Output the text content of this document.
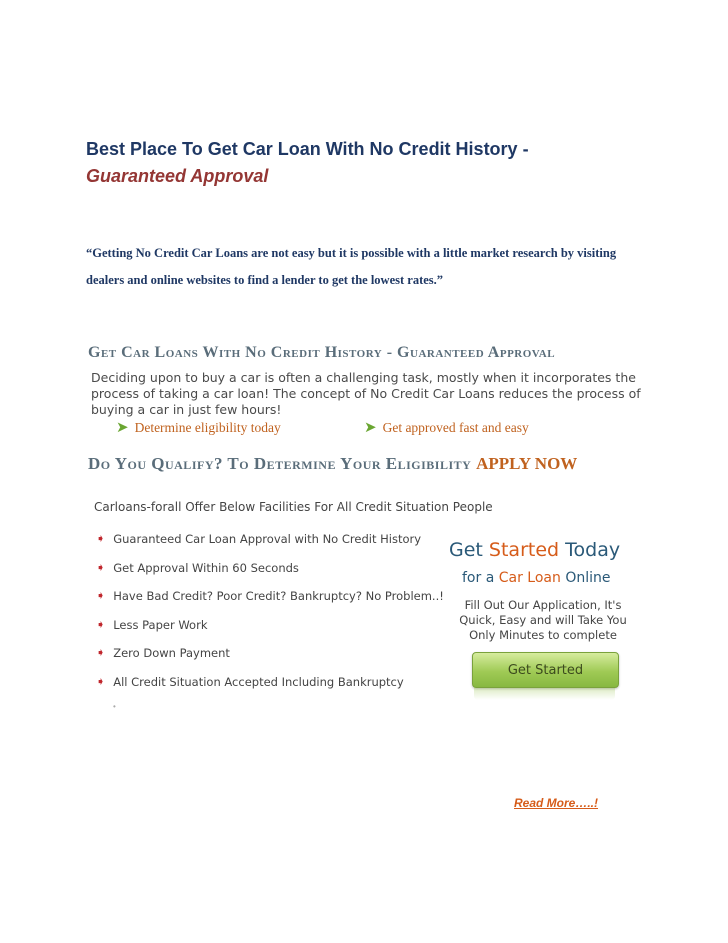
Best Place To Get Car Loan With No Credit History -
Guaranteed Approval

“Getting No Credit Car Loans are not easy but it is possible with a little market research by visiting dealers and online websites to find a lender to get the lowest rates.”

Get Car Loans With No Credit History - Guaranteed Approval
Deciding upon to buy a car is often a challenging task, mostly when it incorporates the process of taking a car loan! The concept of No Credit Car Loans reduces the process of buying a car in just few hours!
➤ Determine eligibility today	➤ Get approved fast and easy
Do You Qualify? To Determine Your Eligibility APPLY NOW
Carloans-forall Offer Below Facilities For All Credit Situation People
➧ Guaranteed Car Loan Approval with No Credit History
➧ Get Approval Within 60 Seconds
➧ Have Bad Credit? Poor Credit? Bankruptcy? No Problem..!
➧ Less Paper Work
➧ Zero Down Payment
➧ All Credit Situation Accepted Including Bankruptcy
•
Get Started Today
for a Car Loan Online
Fill Out Our Application, It's Quick, Easy and will Take You Only Minutes to complete
Get Started
Read More…..!
